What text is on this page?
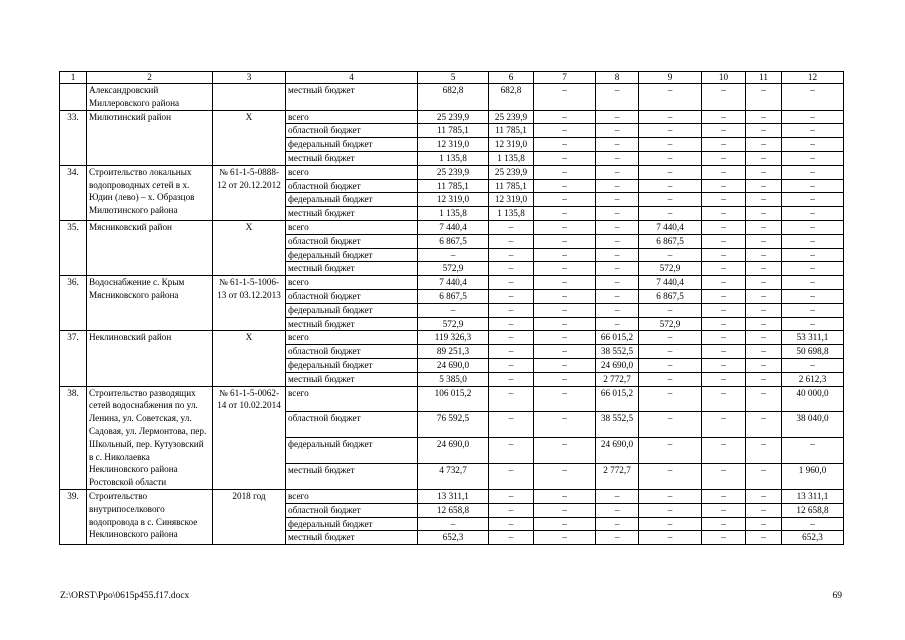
1	2	3	4	5	6	7	8	9	10	11	12
	Александровский Миллеровского района		местный бюджет	682,8	682,8	–	–	–	–	–	–
33.	Милютинский район	Х	всего	25 239,9	25 239,9	–	–	–	–	–	–
			областной бюджет	11 785,1	11 785,1	–	–	–	–	–	–
			федеральный бюджет	12 319,0	12 319,0	–	–	–	–	–	–
			местный бюджет	1 135,8	1 135,8	–	–	–	–	–	–
34.	Строительство локальных водопроводных сетей в х. Юдин (лево) – х. Образцов Милютинского района	№ 61-1-5-0888-12 от 20.12.2012	всего	25 239,9	25 239,9	–	–	–	–	–	–
			областной бюджет	11 785,1	11 785,1	–	–	–	–	–	–
			федеральный бюджет	12 319,0	12 319,0	–	–	–	–	–	–
			местный бюджет	1 135,8	1 135,8	–	–	–	–	–	–
35.	Мясниковский район	Х	всего	7 440,4	–	–	–	7 440,4	–	–	–
			областной бюджет	6 867,5	–	–	–	6 867,5	–	–	–
			федеральный бюджет	–	–	–	–	–	–	–	–
			местный бюджет	572,9	–	–	–	572,9	–	–	–
36.	Водоснабжение с. Крым Мясниковского района	№ 61-1-5-1006-13 от 03.12.2013	всего	7 440,4	–	–	–	7 440,4	–	–	–
			областной бюджет	6 867,5	–	–	–	6 867,5	–	–	–
			федеральный бюджет	–	–	–	–	–	–	–	–
			местный бюджет	572,9	–	–	–	572,9	–	–	–
37.	Неклиновский район	Х	всего	119 326,3	–	–	66 015,2	–	–	–	53 311,1
			областной бюджет	89 251,3	–	–	38 552,5	–	–	–	50 698,8
			федеральный бюджет	24 690,0	–	–	24 690,0	–	–	–	–
			местный бюджет	5 385,0	–	–	2 772,7	–	–	–	2 612,3
38.	Строительство разводящих сетей водоснабжения по ул. Ленина, ул. Советская, ул. Садовая, ул. Лермонтова, пер. Школьный, пер. Кутузовский в с. Николаевка Неклиновского района Ростовской области	№ 61-1-5-0062-14 от 10.02.2014	всего	106 015,2	–	–	66 015,2	–	–	–	40 000,0
			областной бюджет	76 592,5	–	–	38 552,5	–	–	–	38 040,0
			федеральный бюджет	24 690,0	–	–	24 690,0	–	–	–	–
			местный бюджет	4 732,7	–	–	2 772,7	–	–	–	1 960,0
39.	Строительство внутрипоселкового водопровода в с. Синявское Неклиновского района	2018 год	всего	13 311,1	–	–	–	–	–	–	13 311,1
			областной бюджет	12 658,8	–	–	–	–	–	–	12 658,8
			федеральный бюджет	–	–	–	–	–	–	–	–
			местный бюджет	652,3	–	–	–	–	–	–	652,3
Z:\ORST\Ppo\0615p455.f17.docx	69
